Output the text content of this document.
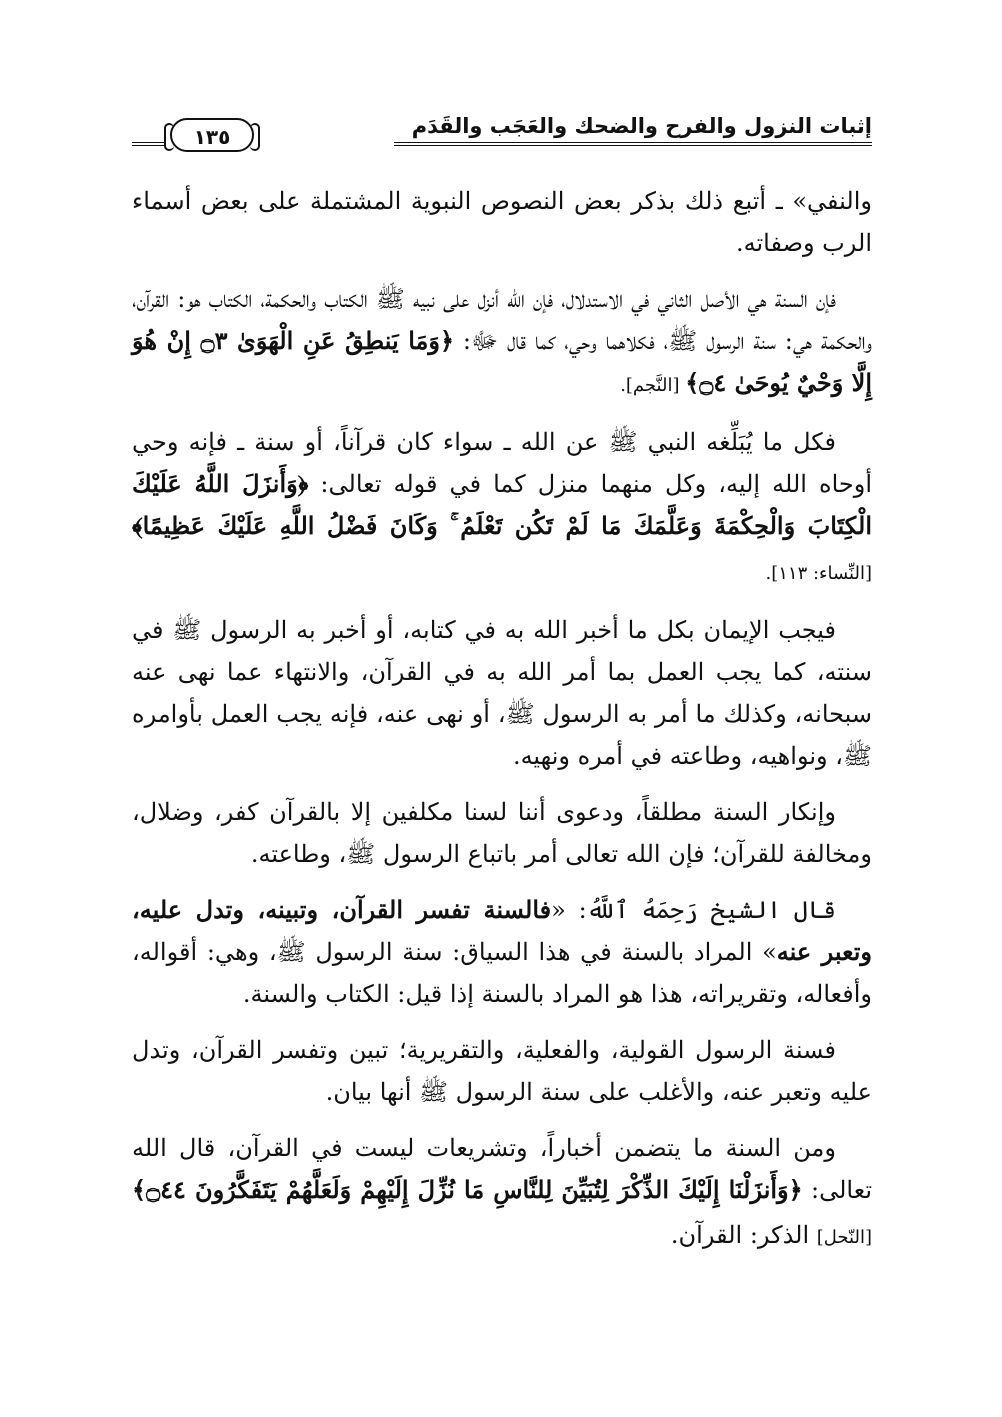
إثبات النزول والفرح والضحك والعَجَب والقَدَم
١٣٥

والنفي» ـ أتبع ذلك بذكر بعض النصوص النبوية المشتملة على بعض أسماء الرب وصفاته.

فإن السنة هي الأصل الثاني في الاستدلال، فإن الله أنزل على نبيه ﷺ الكتاب والحكمة، الكتاب هو: القرآن، والحكمة هي: سنة الرسول ﷺ، فكلاهما وحي، كما قال ﷻ: ﴿وَمَا يَنطِقُ عَنِ الْهَوَىٰ ۝٣ إِنْ هُوَ إِلَّا وَحْيٌ يُوحَىٰ ۝٤﴾ [النَّجم].

فكل ما يُبَلِّغه النبي ﷺ عن الله ـ سواء كان قرآناً، أو سنة ـ فإنه وحي أوحاه الله إليه، وكل منهما منزل كما في قوله تعالى: ﴿وَأَنزَلَ اللَّهُ عَلَيْكَ الْكِتَابَ وَالْحِكْمَةَ وَعَلَّمَكَ مَا لَمْ تَكُن تَعْلَمُ ۚ وَكَانَ فَضْلُ اللَّهِ عَلَيْكَ عَظِيمًا﴾ [النِّساء: ١١٣].

فيجب الإيمان بكل ما أخبر الله به في كتابه، أو أخبر به الرسول ﷺ في سنته، كما يجب العمل بما أمر الله به في القرآن، والانتهاء عما نهى عنه سبحانه، وكذلك ما أمر به الرسول ﷺ، أو نهى عنه، فإنه يجب العمل بأوامره ﷺ، ونواهيه، وطاعته في أمره ونهيه.

وإنكار السنة مطلقاً، ودعوى أننا لسنا مكلفين إلا بالقرآن كفر، وضلال، ومخالفة للقرآن؛ فإن الله تعالى أمر باتباع الرسول ﷺ، وطاعته.

قال الشيخ رَحِمَهُ ٱللَّهُ: «فالسنة تفسر القرآن، وتبينه، وتدل عليه، وتعبر عنه» المراد بالسنة في هذا السياق: سنة الرسول ﷺ، وهي: أقواله، وأفعاله، وتقريراته، هذا هو المراد بالسنة إذا قيل: الكتاب والسنة.

فسنة الرسول القولية، والفعلية، والتقريرية؛ تبين وتفسر القرآن، وتدل عليه وتعبر عنه، والأغلب على سنة الرسول ﷺ أنها بيان.

ومن السنة ما يتضمن أخباراً، وتشريعات ليست في القرآن، قال الله تعالى: ﴿وَأَنزَلْنَا إِلَيْكَ الذِّكْرَ لِتُبَيِّنَ لِلنَّاسِ مَا نُزِّلَ إِلَيْهِمْ وَلَعَلَّهُمْ يَتَفَكَّرُونَ ۝٤٤﴾ [النّحل] الذكر: القرآن.
